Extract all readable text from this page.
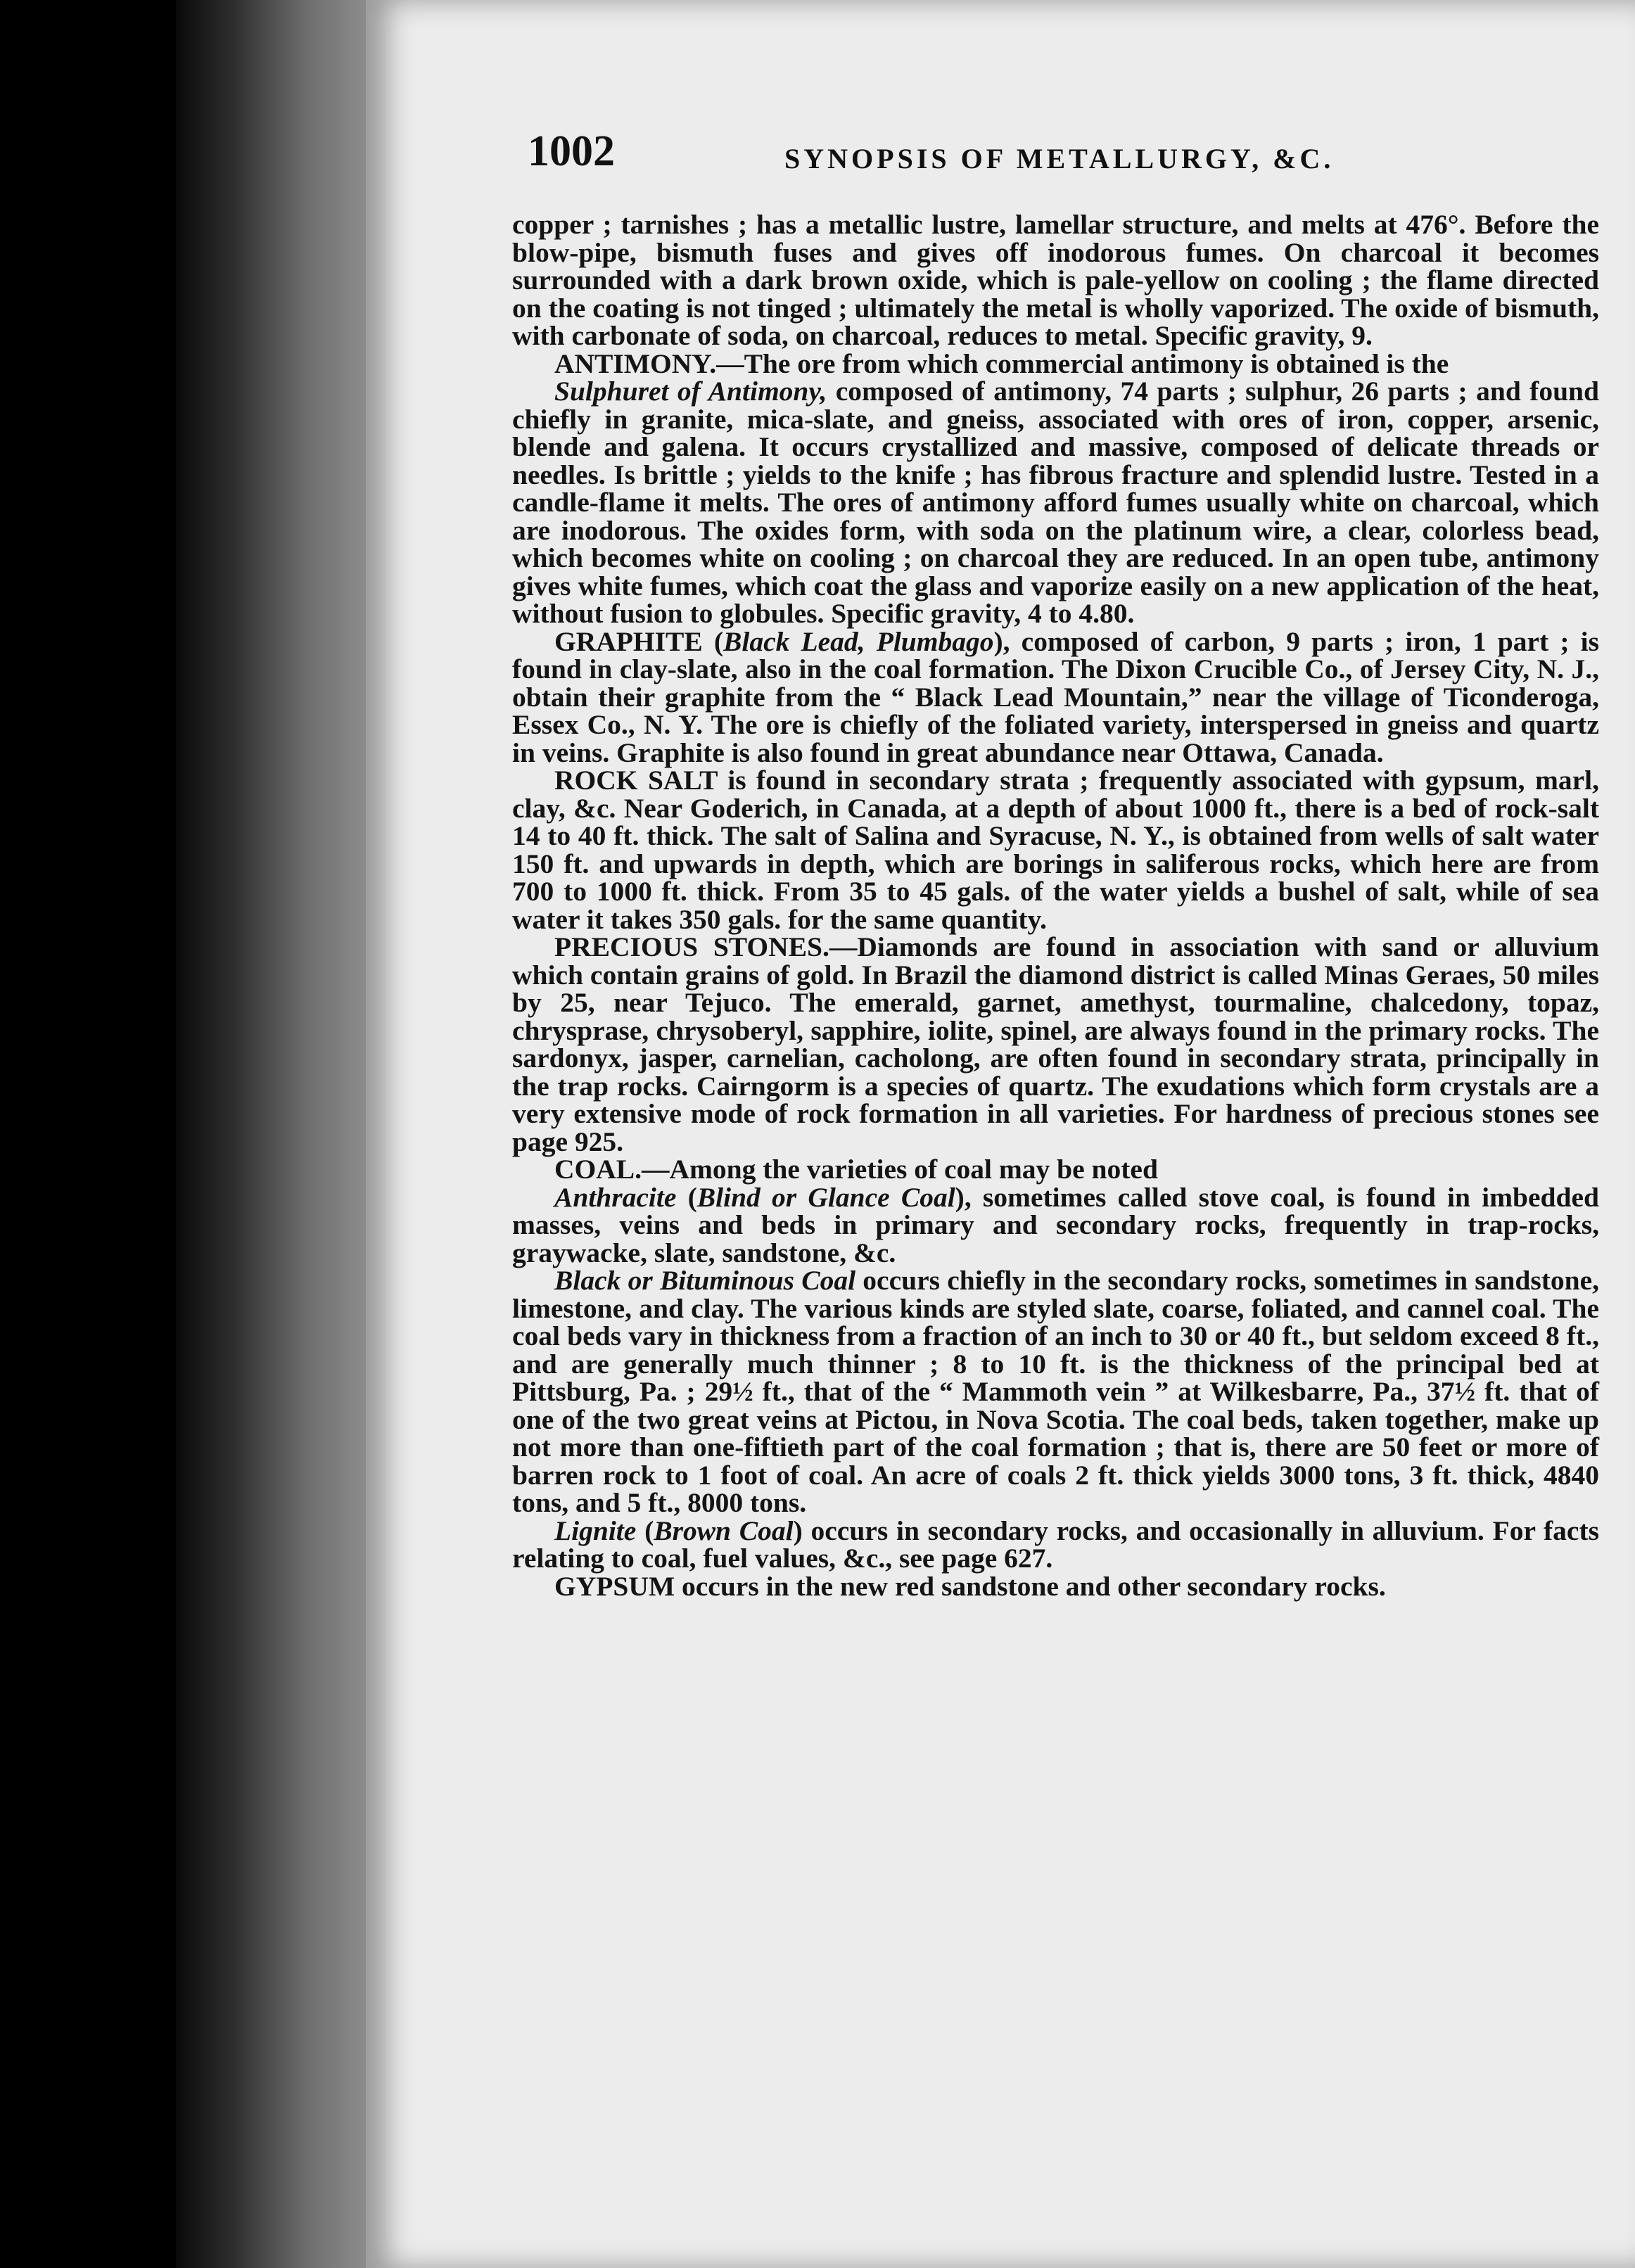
1002	SYNOPSIS OF METALLURGY, &C.

copper ; tarnishes ; has a metallic lustre, lamellar structure, and melts at 476°. Before the blow-pipe, bismuth fuses and gives off inodorous fumes. On charcoal it becomes surrounded with a dark brown oxide, which is pale-yellow on cooling ; the flame directed on the coating is not tinged ; ultimately the metal is wholly vaporized. The oxide of bismuth, with carbonate of soda, on charcoal, reduces to metal. Specific gravity, 9.

ANTIMONY.—The ore from which commercial antimony is obtained is the

Sulphuret of Antimony, composed of antimony, 74 parts ; sulphur, 26 parts ; and found chiefly in granite, mica-slate, and gneiss, associated with ores of iron, copper, arsenic, blende and galena. It occurs crystallized and massive, composed of delicate threads or needles. Is brittle ; yields to the knife ; has fibrous fracture and splendid lustre. Tested in a candle-flame it melts. The ores of antimony afford fumes usually white on charcoal, which are inodorous. The oxides form, with soda on the platinum wire, a clear, colorless bead, which becomes white on cooling ; on charcoal they are reduced. In an open tube, antimony gives white fumes, which coat the glass and vaporize easily on a new application of the heat, without fusion to globules. Specific gravity, 4 to 4.80.

GRAPHITE (Black Lead, Plumbago), composed of carbon, 9 parts ; iron, 1 part ; is found in clay-slate, also in the coal formation. The Dixon Crucible Co., of Jersey City, N. J., obtain their graphite from the “ Black Lead Mountain,” near the village of Ticonderoga, Essex Co., N. Y. The ore is chiefly of the foliated variety, interspersed in gneiss and quartz in veins. Graphite is also found in great abundance near Ottawa, Canada.

ROCK SALT is found in secondary strata ; frequently associated with gypsum, marl, clay, &c. Near Goderich, in Canada, at a depth of about 1000 ft., there is a bed of rock-salt 14 to 40 ft. thick. The salt of Salina and Syracuse, N. Y., is obtained from wells of salt water 150 ft. and upwards in depth, which are borings in saliferous rocks, which here are from 700 to 1000 ft. thick. From 35 to 45 gals. of the water yields a bushel of salt, while of sea water it takes 350 gals. for the same quantity.

PRECIOUS STONES.—Diamonds are found in association with sand or alluvium which contain grains of gold. In Brazil the diamond district is called Minas Geraes, 50 miles by 25, near Tejuco. The emerald, garnet, amethyst, tourmaline, chalcedony, topaz, chrysprase, chrysoberyl, sapphire, iolite, spinel, are always found in the primary rocks. The sardonyx, jasper, carnelian, cacholong, are often found in secondary strata, principally in the trap rocks. Cairngorm is a species of quartz. The exudations which form crystals are a very extensive mode of rock formation in all varieties. For hardness of precious stones see page 925.

COAL.—Among the varieties of coal may be noted

Anthracite (Blind or Glance Coal), sometimes called stove coal, is found in imbedded masses, veins and beds in primary and secondary rocks, frequently in trap-rocks, graywacke, slate, sandstone, &c.

Black or Bituminous Coal occurs chiefly in the secondary rocks, sometimes in sandstone, limestone, and clay. The various kinds are styled slate, coarse, foliated, and cannel coal. The coal beds vary in thickness from a fraction of an inch to 30 or 40 ft., but seldom exceed 8 ft., and are generally much thinner ; 8 to 10 ft. is the thickness of the principal bed at Pittsburg, Pa. ; 29½ ft., that of the “ Mammoth vein ” at Wilkesbarre, Pa., 37½ ft. that of one of the two great veins at Pictou, in Nova Scotia. The coal beds, taken together, make up not more than one-fiftieth part of the coal formation ; that is, there are 50 feet or more of barren rock to 1 foot of coal. An acre of coals 2 ft. thick yields 3000 tons, 3 ft. thick, 4840 tons, and 5 ft., 8000 tons.

Lignite (Brown Coal) occurs in secondary rocks, and occasionally in alluvium. For facts relating to coal, fuel values, &c., see page 627.

GYPSUM occurs in the new red sandstone and other secondary rocks.
